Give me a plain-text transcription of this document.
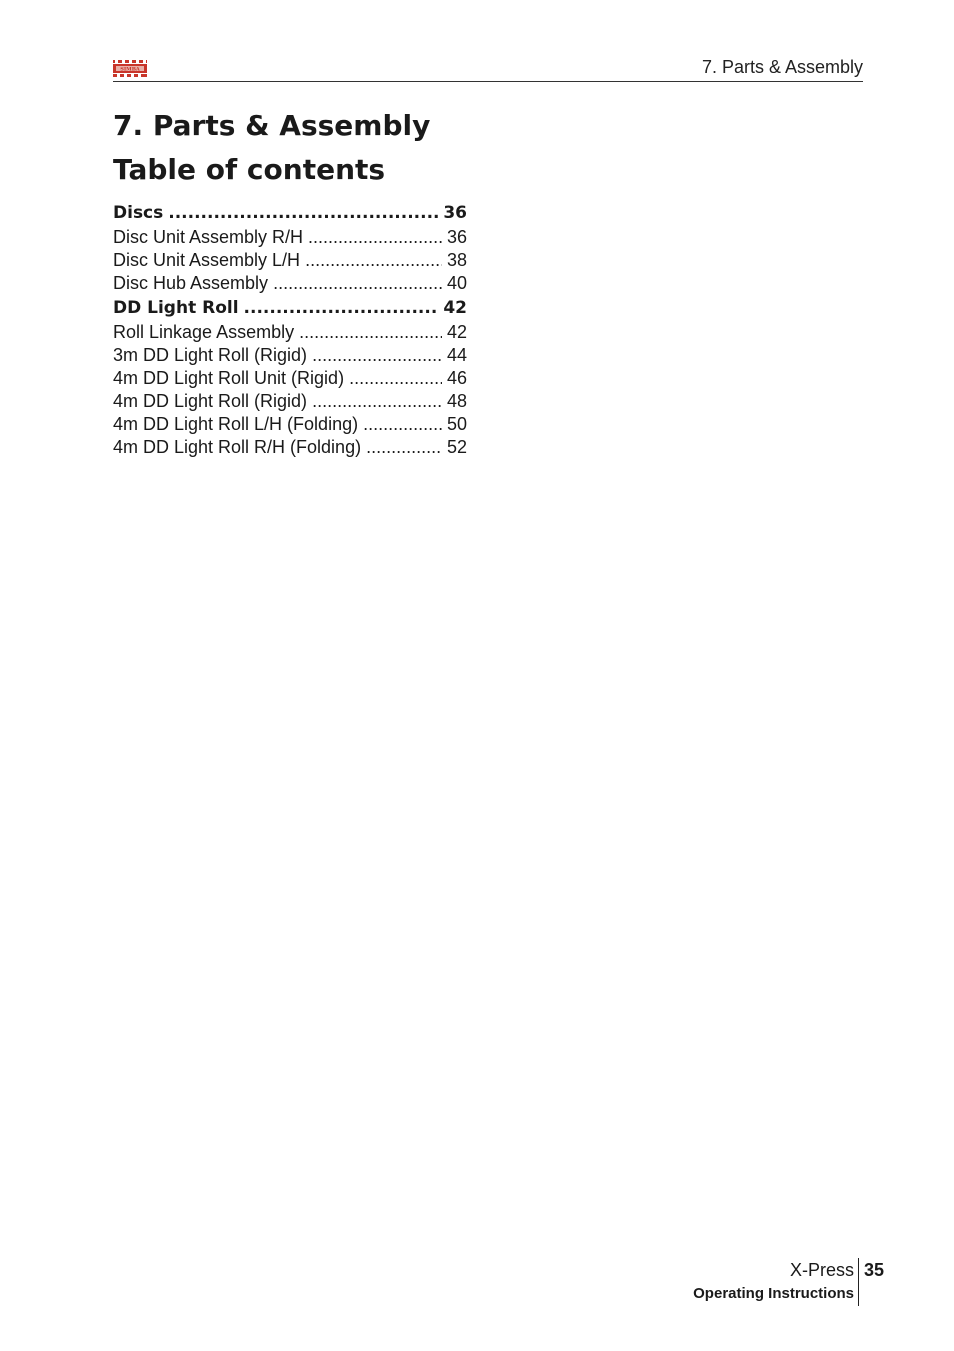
SIMBA	7. Parts & Assembly
7. Parts & Assembly
Table of contents
Discs .....	36
Disc Unit Assembly R/H .....	36
Disc Unit Assembly L/H .....	38
Disc Hub Assembly .....	40
DD Light Roll .....	42
Roll Linkage Assembly .....	42
3m DD Light Roll (Rigid) .....	44
4m DD Light Roll Unit (Rigid) .....	46
4m DD Light Roll (Rigid) .....	48
4m DD Light Roll L/H (Folding) .....	50
4m DD Light Roll R/H (Folding) .....	52
X-Press
Operating Instructions
35
